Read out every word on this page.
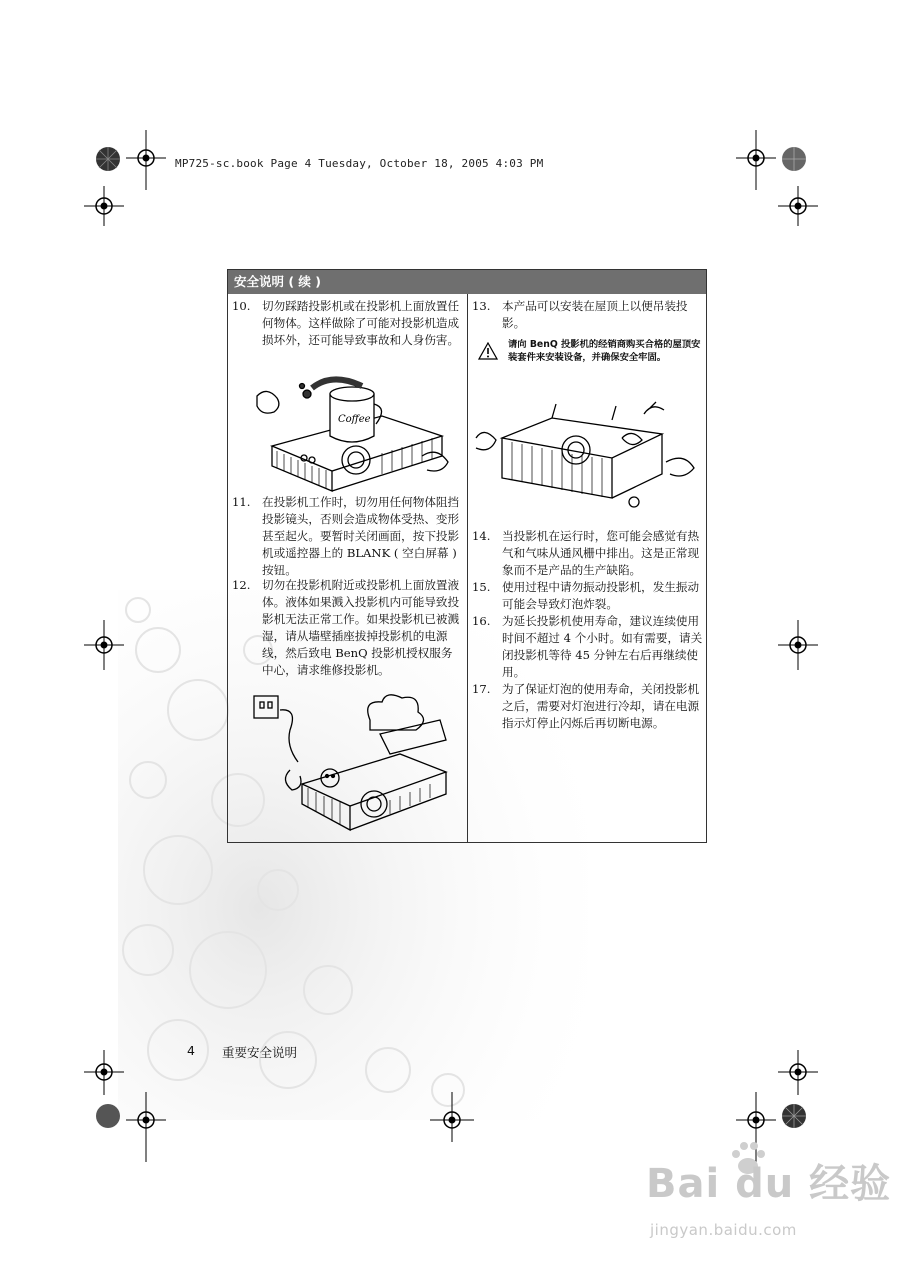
MP725-sc.book Page 4 Tuesday, October 18, 2005 4:03 PM
安全说明 ( 续 )
10. 切勿踩踏投影机或在投影机上面放置任何物体。这样做除了可能对投影机造成损坏外，还可能导致事故和人身伤害。
Coffee
11. 在投影机工作时，切勿用任何物体阻挡投影镜头，否则会造成物体受热、变形甚至起火。要暂时关闭画面，按下投影机或遥控器上的 BLANK ( 空白屏幕 ) 按钮。
12. 切勿在投影机附近或投影机上面放置液体。液体如果溅入投影机内可能导致投影机无法正常工作。如果投影机已被溅湿，请从墙壁插座拔掉投影机的电源线，然后致电 BenQ 投影机授权服务中心，请求维修投影机。
13. 本产品可以安装在屋顶上以便吊装投影。
请向 BenQ 投影机的经销商购买合格的屋顶安装套件来安装设备，并确保安全牢固。
14. 当投影机在运行时，您可能会感觉有热气和气味从通风栅中排出。这是正常现象而不是产品的生产缺陷。
15. 使用过程中请勿振动投影机，发生振动可能会导致灯泡炸裂。
16. 为延长投影机使用寿命，建议连续使用时间不超过 4 个小时。如有需要，请关闭投影机等待 45 分钟左右后再继续使用。
17. 为了保证灯泡的使用寿命，关闭投影机之后，需要对灯泡进行冷却，请在电源指示灯停止闪烁后再切断电源。
4 重要安全说明
Bai du 经验
jingyan.baidu.com
